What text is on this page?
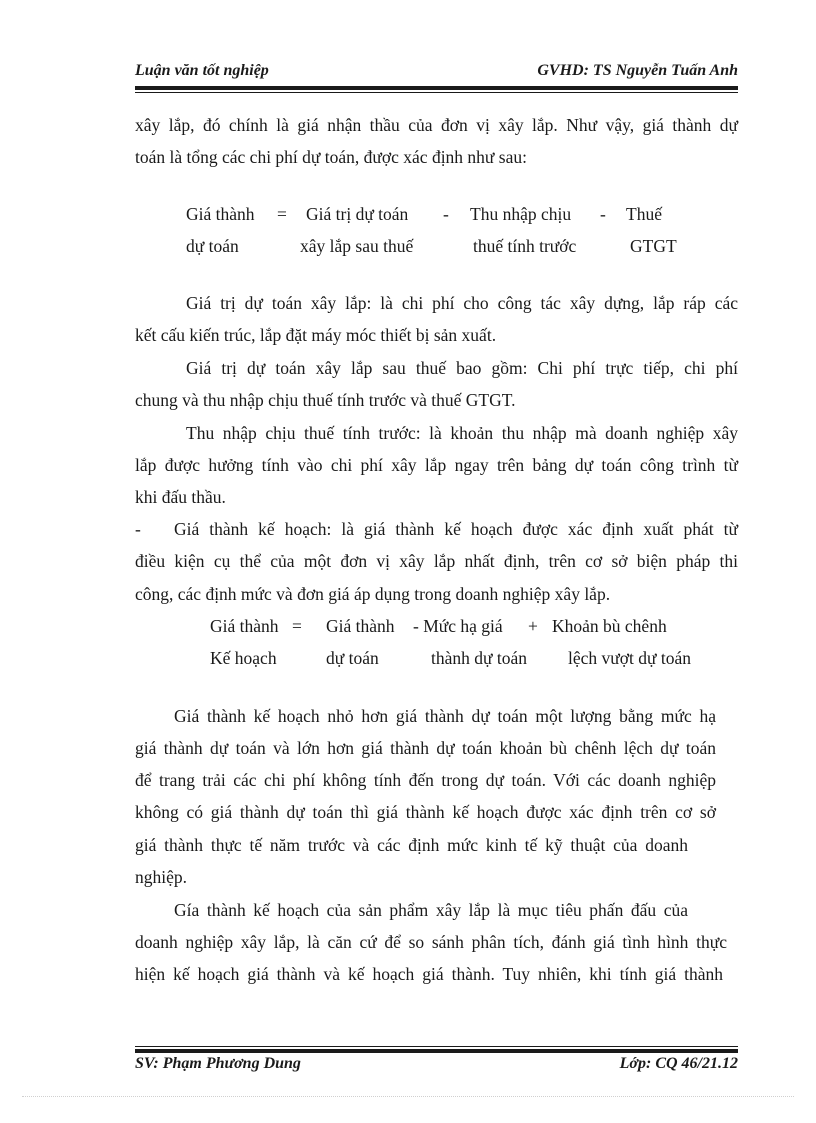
Luận văn tốt nghiệp	GVHD: TS Nguyễn Tuấn Anh
xây lắp, đó chính là giá nhận thầu của đơn vị xây lắp. Như vậy, giá thành dự
toán là tổng các chi phí dự toán, được xác định như sau:
Giá thành = Giá trị dự toán - Thu nhập chịu - Thuế
dự toán	xây lắp sau thuế	thuế tính trước	GTGT
Giá trị dự toán xây lắp: là chi phí cho công tác xây dựng, lắp ráp các
kết cấu kiến trúc, lắp đặt máy móc thiết bị sản xuất.
Giá trị dự toán xây lắp sau thuế bao gồm: Chi phí trực tiếp, chi phí
chung và thu nhập chịu thuế tính trước và thuế GTGT.
Thu nhập chịu thuế tính trước: là khoản thu nhập mà doanh nghiệp xây
lắp được hưởng tính vào chi phí xây lắp ngay trên bảng dự toán công trình từ
khi đấu thầu.
- Giá thành kế hoạch: là giá thành kế hoạch được xác định xuất phát từ
điều kiện cụ thể của một đơn vị xây lắp nhất định, trên cơ sở biện pháp thi
công, các định mức và đơn giá áp dụng trong doanh nghiệp xây lắp.
Giá thành = Giá thành - Mức hạ giá + Khoản bù chênh
Kế hoạch	dự toán	thành dự toán lệch vượt dự toán
Giá thành kế hoạch nhỏ hơn giá thành dự toán một lượng bằng mức hạ
giá thành dự toán và lớn hơn giá thành dự toán khoản bù chênh lệch dự toán
để trang trải các chi phí không tính đến trong dự toán. Với các doanh nghiệp
không có giá thành dự toán thì giá thành kế hoạch được xác định trên cơ sở
giá thành thực tế năm trước và các định mức kinh tế kỹ thuật của doanh
nghiệp.
Gía thành kế hoạch của sản phẩm xây lắp là mục tiêu phấn đấu của
doanh nghiệp xây lắp, là căn cứ để so sánh phân tích, đánh giá tình hình thực
hiện kế hoạch giá thành và kế hoạch giá thành. Tuy nhiên, khi tính giá thành
SV: Phạm Phương Dung	Lớp: CQ 46/21.12
